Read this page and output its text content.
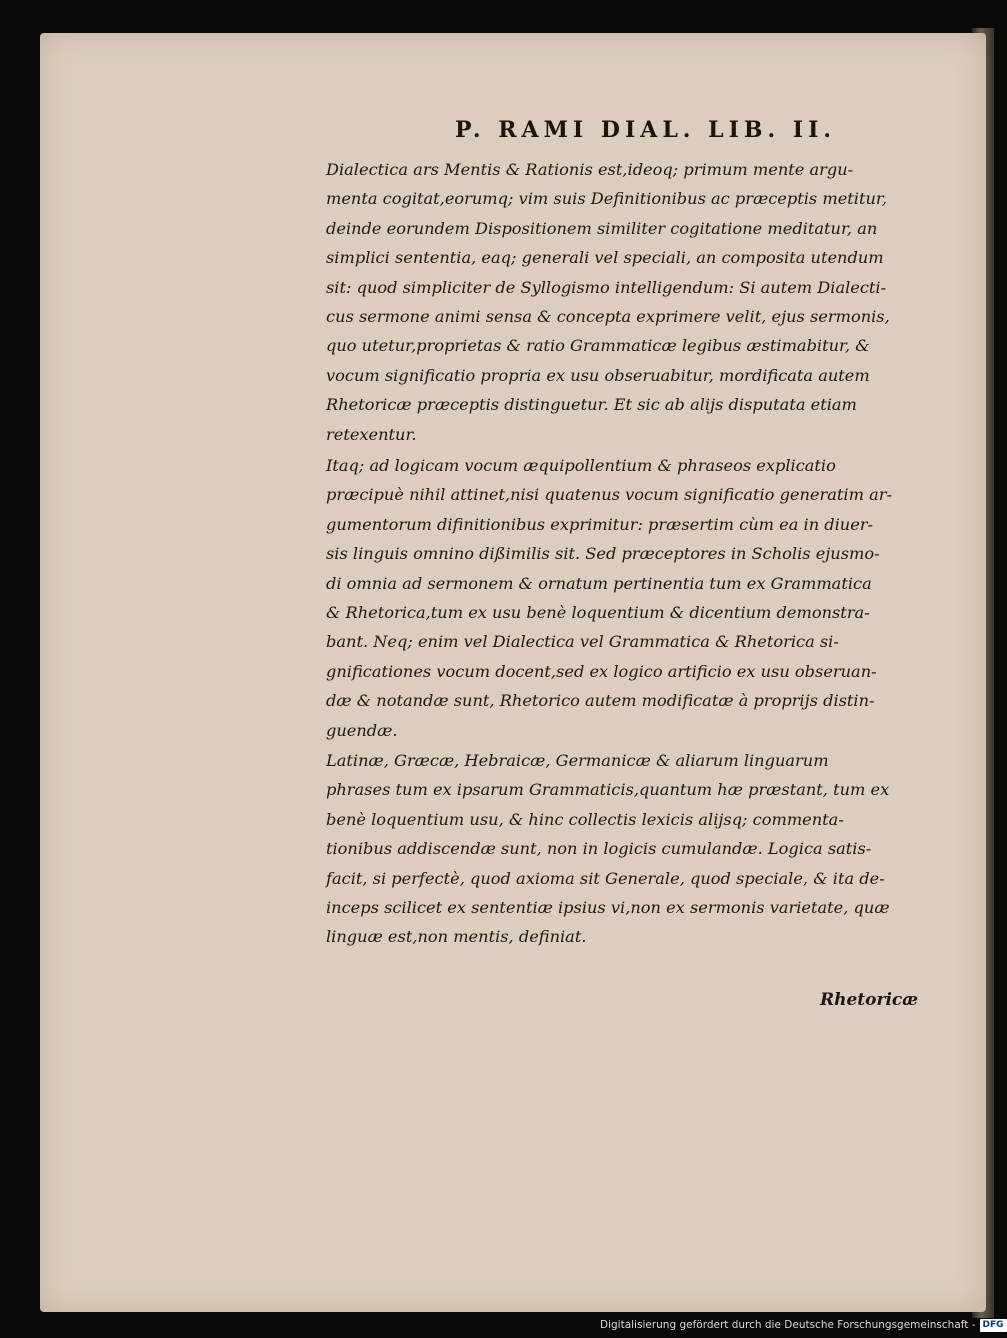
P. RAMI DIAL. LIB. II.
Dialectica ars Mentis & Rationis est,ideoq; primum mente argu-
menta cogitat,eorumq; vim suis Definitionibus ac præceptis metitur,
deinde eorundem Dispositionem similiter cogitatione meditatur, an
simplici sententia, eaq; generali vel speciali, an composita utendum
sit: quod simpliciter de Syllogismo intelligendum: Si autem Dialecti-
cus sermone animi sensa & concepta exprimere velit, ejus sermonis,
quo utetur,proprietas & ratio Grammaticæ legibus æstimabitur, &
vocum significatio propria ex usu obseruabitur, mordificata autem
Rhetoricæ præceptis distinguetur. Et sic ab alijs disputata etiam
retexentur.
Itaq; ad logicam vocum æquipollentium & phraseos explicatio
præcipuè nihil attinet,nisi quatenus vocum significatio generatim ar-
gumentorum difinitionibus exprimitur: præsertim cùm ea in diuer-
sis linguis omnino dißimilis sit. Sed præceptores in Scholis ejusmo-
di omnia ad sermonem & ornatum pertinentia tum ex Grammatica
& Rhetorica,tum ex usu benè loquentium & dicentium demonstra-
bant. Neq; enim vel Dialectica vel Grammatica & Rhetorica si-
gnificationes vocum docent,sed ex logico artificio ex usu obseruan-
dæ & notandæ sunt, Rhetorico autem modificatæ à proprijs distin-
guendæ.
Latinæ, Græcæ, Hebraicæ, Germanicæ & aliarum linguarum
phrases tum ex ipsarum Grammaticis,quantum hæ præstant, tum ex
benè loquentium usu, & hinc collectis lexicis alijsq; commenta-
tionibus addiscendæ sunt, non in logicis cumulandæ. Logica satis-
facit, si perfectè, quod axioma sit Generale, quod speciale, & ita de-
inceps scilicet ex sententiæ ipsius vi,non ex sermonis varietate, quæ
linguæ est,non mentis, definiat.
Rhetoricæ
Digitalisierung gefördert durch die Deutsche Forschungsgemeinschaft - DFG
